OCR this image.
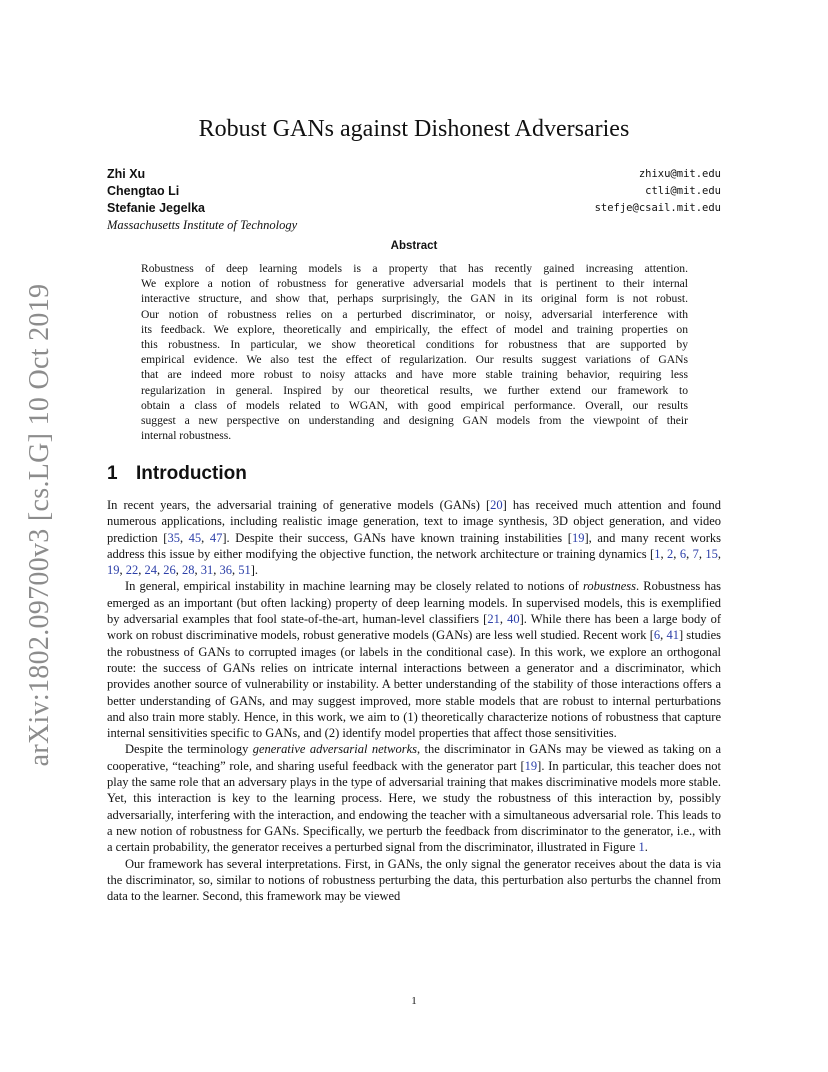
arXiv:1802.09700v3 [cs.LG] 10 Oct 2019
Robust GANs against Dishonest Adversaries
Zhi Xu	zhixu@mit.edu
Chengtao Li	ctli@mit.edu
Stefanie Jegelka	stefje@csail.mit.edu
Massachusetts Institute of Technology
Abstract
Robustness of deep learning models is a property that has recently gained increasing attention.
We explore a notion of robustness for generative adversarial models that is pertinent to their internal
interactive structure, and show that, perhaps surprisingly, the GAN in its original form is not robust.
Our notion of robustness relies on a perturbed discriminator, or noisy, adversarial interference with
its feedback. We explore, theoretically and empirically, the effect of model and training properties on
this robustness. In particular, we show theoretical conditions for robustness that are supported by
empirical evidence. We also test the effect of regularization. Our results suggest variations of GANs
that are indeed more robust to noisy attacks and have more stable training behavior, requiring less
regularization in general. Inspired by our theoretical results, we further extend our framework to
obtain a class of models related to WGAN, with good empirical performance. Overall, our results
suggest a new perspective on understanding and designing GAN models from the viewpoint of their
internal robustness.
1 Introduction

In recent years, the adversarial training of generative models (GANs) [20] has received much attention and found numerous applications, including realistic image generation, text to image synthesis, 3D object generation, and video prediction [35, 45, 47]. Despite their success, GANs have known training instabilities [19], and many recent works address this issue by either modifying the objective function, the network architecture or training dynamics [1, 2, 6, 7, 15, 19, 22, 24, 26, 28, 31, 36, 51].

In general, empirical instability in machine learning may be closely related to notions of robustness. Robustness has emerged as an important (but often lacking) property of deep learning models. In supervised models, this is exemplified by adversarial examples that fool state-of-the-art, human-level classifiers [21, 40]. While there has been a large body of work on robust discriminative models, robust generative models (GANs) are less well studied. Recent work [6, 41] studies the robustness of GANs to corrupted images (or labels in the conditional case). In this work, we explore an orthogonal route: the success of GANs relies on intricate internal interactions between a generator and a discriminator, which provides another source of vulnerability or instability. A better understanding of the stability of those interactions offers a better understanding of GANs, and may suggest improved, more stable models that are robust to internal perturbations and also train more stably. Hence, in this work, we aim to (1) theoretically characterize notions of robustness that capture internal sensitivities specific to GANs, and (2) identify model properties that affect those sensitivities.

Despite the terminology generative adversarial networks, the discriminator in GANs may be viewed as taking on a cooperative, “teaching” role, and sharing useful feedback with the generator part [19]. In particular, this teacher does not play the same role that an adversary plays in the type of adversarial training that makes discriminative models more stable. Yet, this interaction is key to the learning process. Here, we study the robustness of this interaction by, possibly adversarially, interfering with the interaction, and endowing the teacher with a simultaneous adversarial role. This leads to a new notion of robustness for GANs. Specifically, we perturb the feedback from discriminator to the generator, i.e., with a certain probability, the generator receives a perturbed signal from the discriminator, illustrated in Figure 1.

Our framework has several interpretations. First, in GANs, the only signal the generator receives about the data is via the discriminator, so, similar to notions of robustness perturbing the data, this perturbation also perturbs the channel from data to the learner. Second, this framework may be viewed

1
